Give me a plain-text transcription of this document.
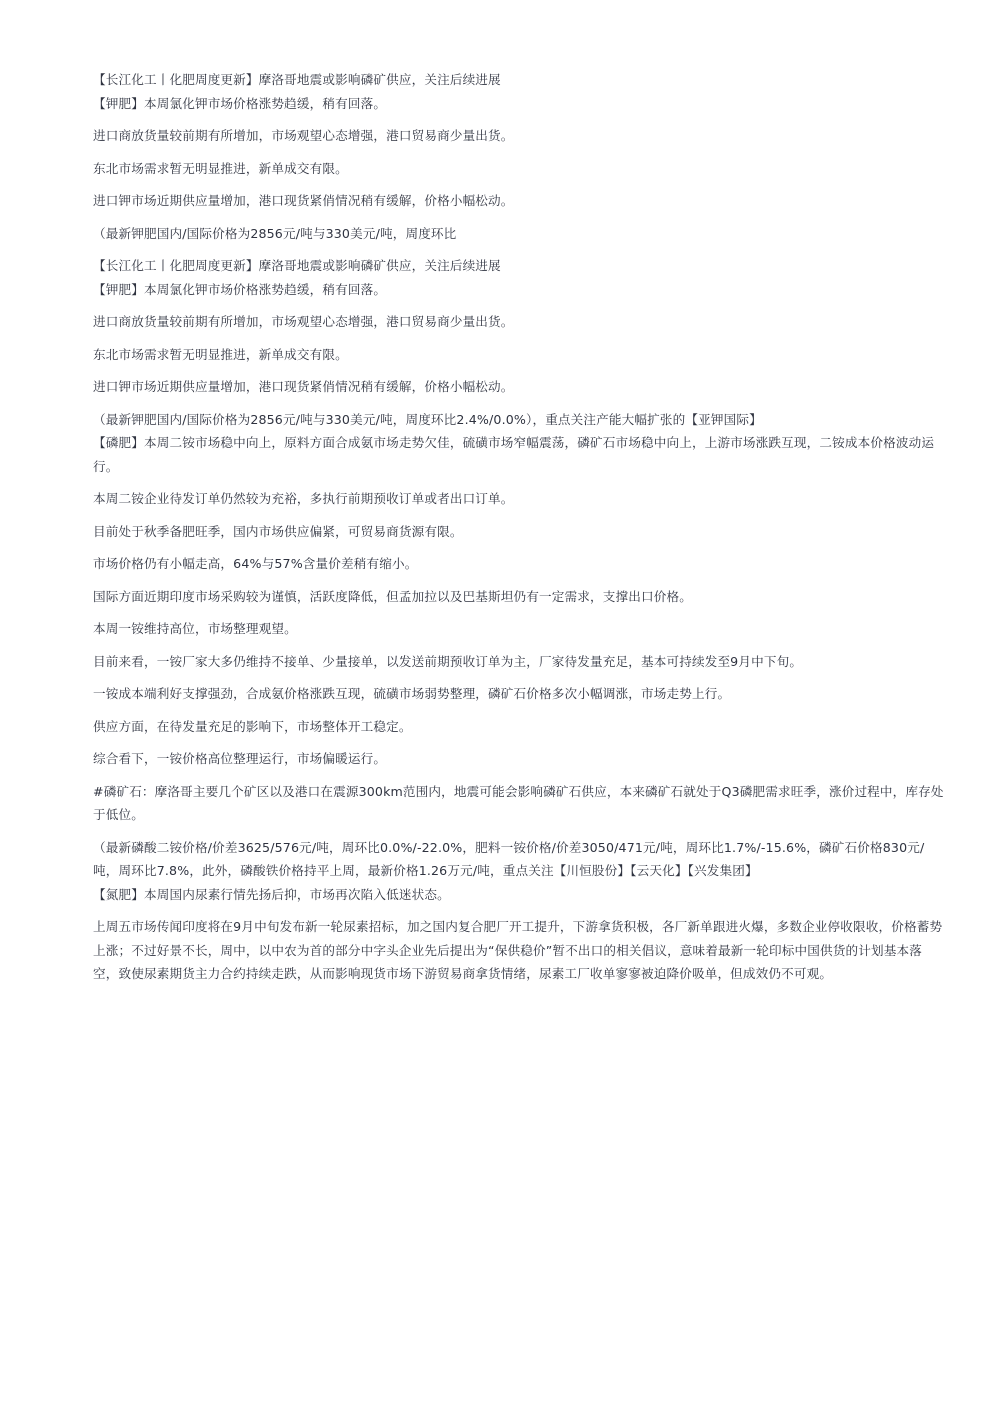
【长江化工丨化肥周度更新】摩洛哥地震或影响磷矿供应，关注后续进展

【钾肥】本周氯化钾市场价格涨势趋缓，稍有回落。

进口商放货量较前期有所增加，市场观望心态增强，港口贸易商少量出货。

东北市场需求暂无明显推进，新单成交有限。

进口钾市场近期供应量增加，港口现货紧俏情况稍有缓解，价格小幅松动。

（最新钾肥国内/国际价格为2856元/吨与330美元/吨，周度环比

【长江化工丨化肥周度更新】摩洛哥地震或影响磷矿供应，关注后续进展

【钾肥】本周氯化钾市场价格涨势趋缓，稍有回落。

进口商放货量较前期有所增加，市场观望心态增强，港口贸易商少量出货。

东北市场需求暂无明显推进，新单成交有限。

进口钾市场近期供应量增加，港口现货紧俏情况稍有缓解，价格小幅松动。

（最新钾肥国内/国际价格为2856元/吨与330美元/吨，周度环比2.4%/0.0%），重点关注产能大幅扩张的【亚钾国际】

【磷肥】本周二铵市场稳中向上，原料方面合成氨市场走势欠佳，硫磺市场窄幅震荡，磷矿石市场稳中向上，上游市场涨跌互现，二铵成本价格波动运行。

本周二铵企业待发订单仍然较为充裕，多执行前期预收订单或者出口订单。

目前处于秋季备肥旺季，国内市场供应偏紧，可贸易商货源有限。

市场价格仍有小幅走高，64%与57%含量价差稍有缩小。

国际方面近期印度市场采购较为谨慎，活跃度降低，但孟加拉以及巴基斯坦仍有一定需求，支撑出口价格。

本周一铵维持高位，市场整理观望。

目前来看，一铵厂家大多仍维持不接单、少量接单，以发送前期预收订单为主，厂家待发量充足，基本可持续发至9月中下旬。

一铵成本端利好支撑强劲，合成氨价格涨跌互现，硫磺市场弱势整理，磷矿石价格多次小幅调涨，市场走势上行。

供应方面，在待发量充足的影响下，市场整体开工稳定。

综合看下，一铵价格高位整理运行，市场偏暖运行。

#磷矿石：摩洛哥主要几个矿区以及港口在震源300km范围内，地震可能会影响磷矿石供应，本来磷矿石就处于Q3磷肥需求旺季，涨价过程中，库存处于低位。

（最新磷酸二铵价格/价差3625/576元/吨，周环比0.0%/-22.0%，肥料一铵价格/价差3050/471元/吨，周环比1.7%/-15.6%，磷矿石价格830元/吨，周环比7.8%，此外，磷酸铁价格持平上周，最新价格1.26万元/吨，重点关注【川恒股份】【云天化】【兴发集团】

【氮肥】本周国内尿素行情先扬后抑，市场再次陷入低迷状态。

上周五市场传闻印度将在9月中旬发布新一轮尿素招标，加之国内复合肥厂开工提升，下游拿货积极，各厂新单跟进火爆，多数企业停收限收，价格蓄势上涨；不过好景不长，周中，以中农为首的部分中字头企业先后提出为“保供稳价”暂不出口的相关倡议，意味着最新一轮印标中国供货的计划基本落空，致使尿素期货主力合约持续走跌，从而影响现货市场下游贸易商拿货情绪，尿素工厂收单寥寥被迫降价吸单，但成效仍不可观。
